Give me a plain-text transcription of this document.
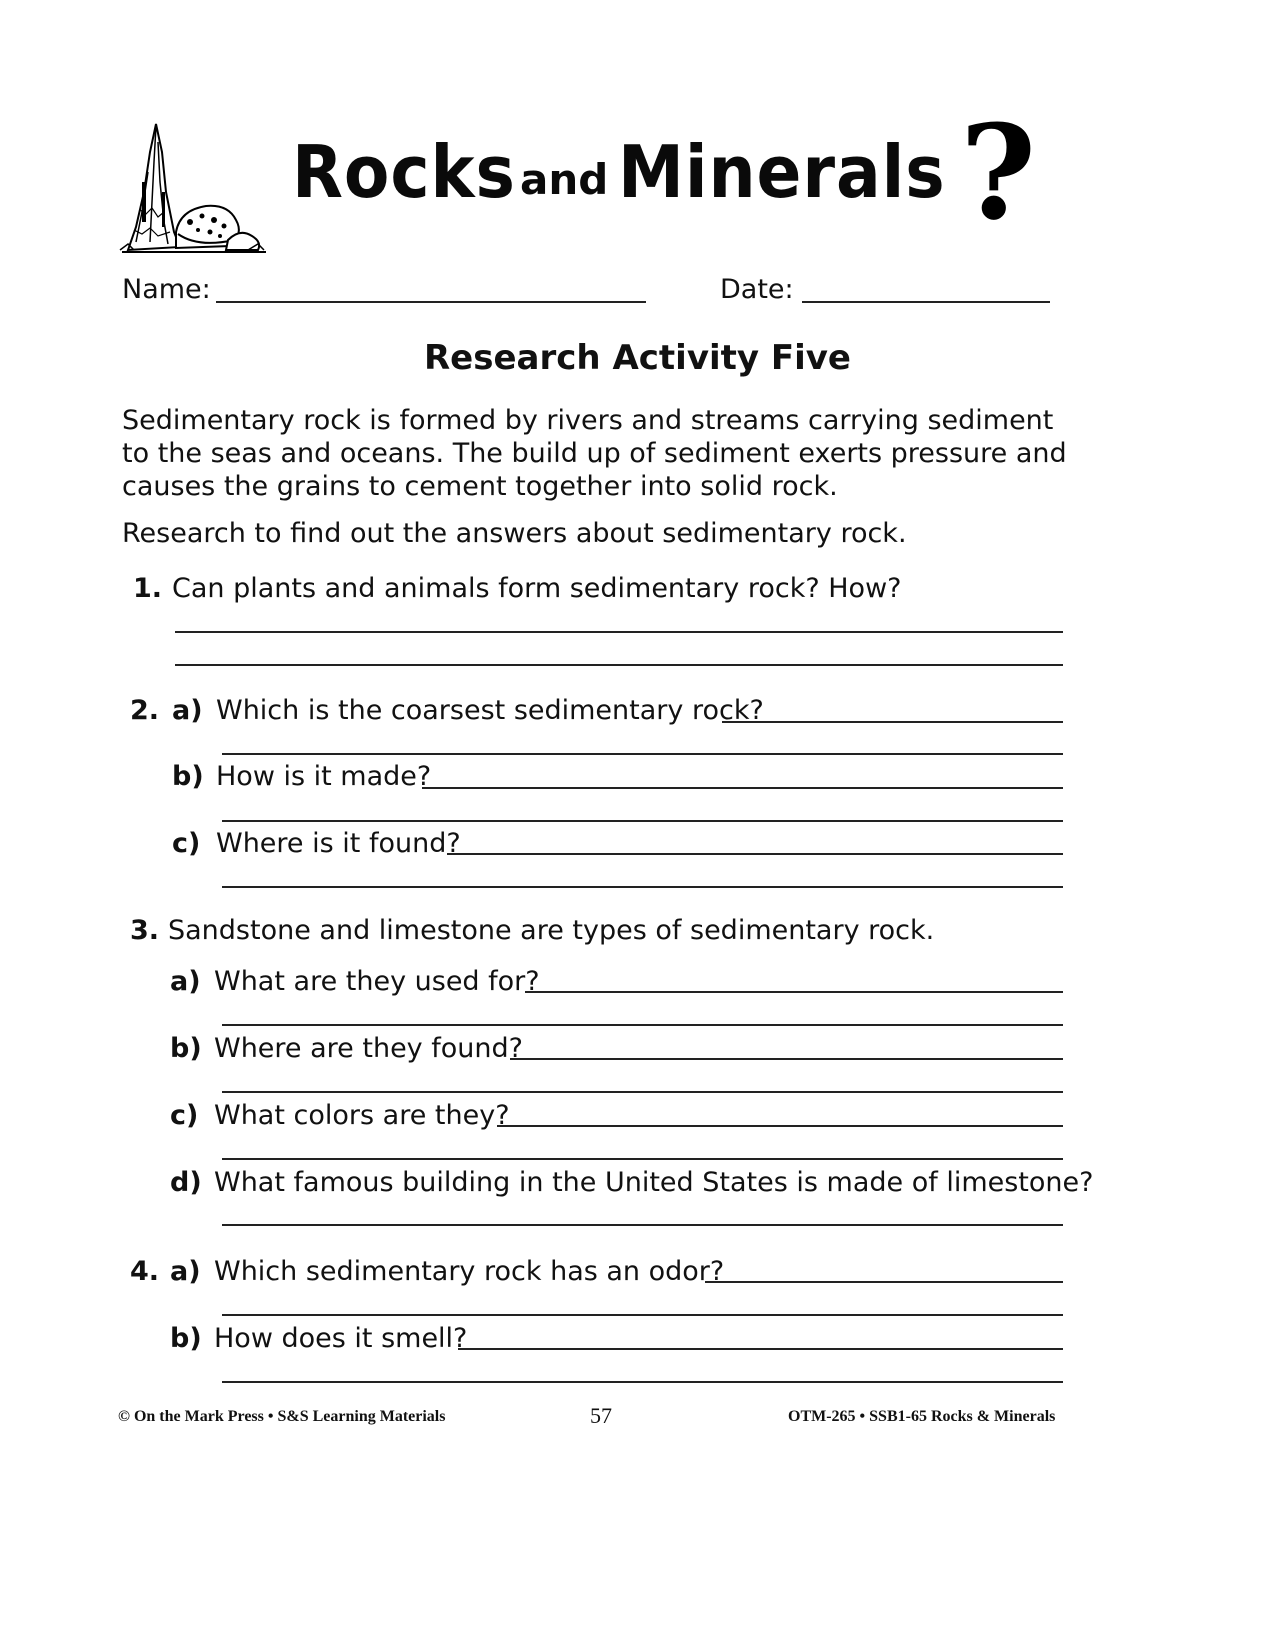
Rocks and Minerals ?
Name:	Date:
Research Activity Five
Sedimentary rock is formed by rivers and streams carrying sediment to the seas and oceans. The build up of sediment exerts pressure and causes the grains to cement together into solid rock.
Research to find out the answers about sedimentary rock.
1. Can plants and animals form sedimentary rock? How?
2. a) Which is the coarsest sedimentary rock?
b) How is it made?
c) Where is it found?
3. Sandstone and limestone are types of sedimentary rock.
a) What are they used for?
b) Where are they found?
c) What colors are they?
d) What famous building in the United States is made of limestone?
4. a) Which sedimentary rock has an odor?
b) How does it smell?
© On the Mark Press • S&S Learning Materials	57	OTM-265 • SSB1-65 Rocks & Minerals
